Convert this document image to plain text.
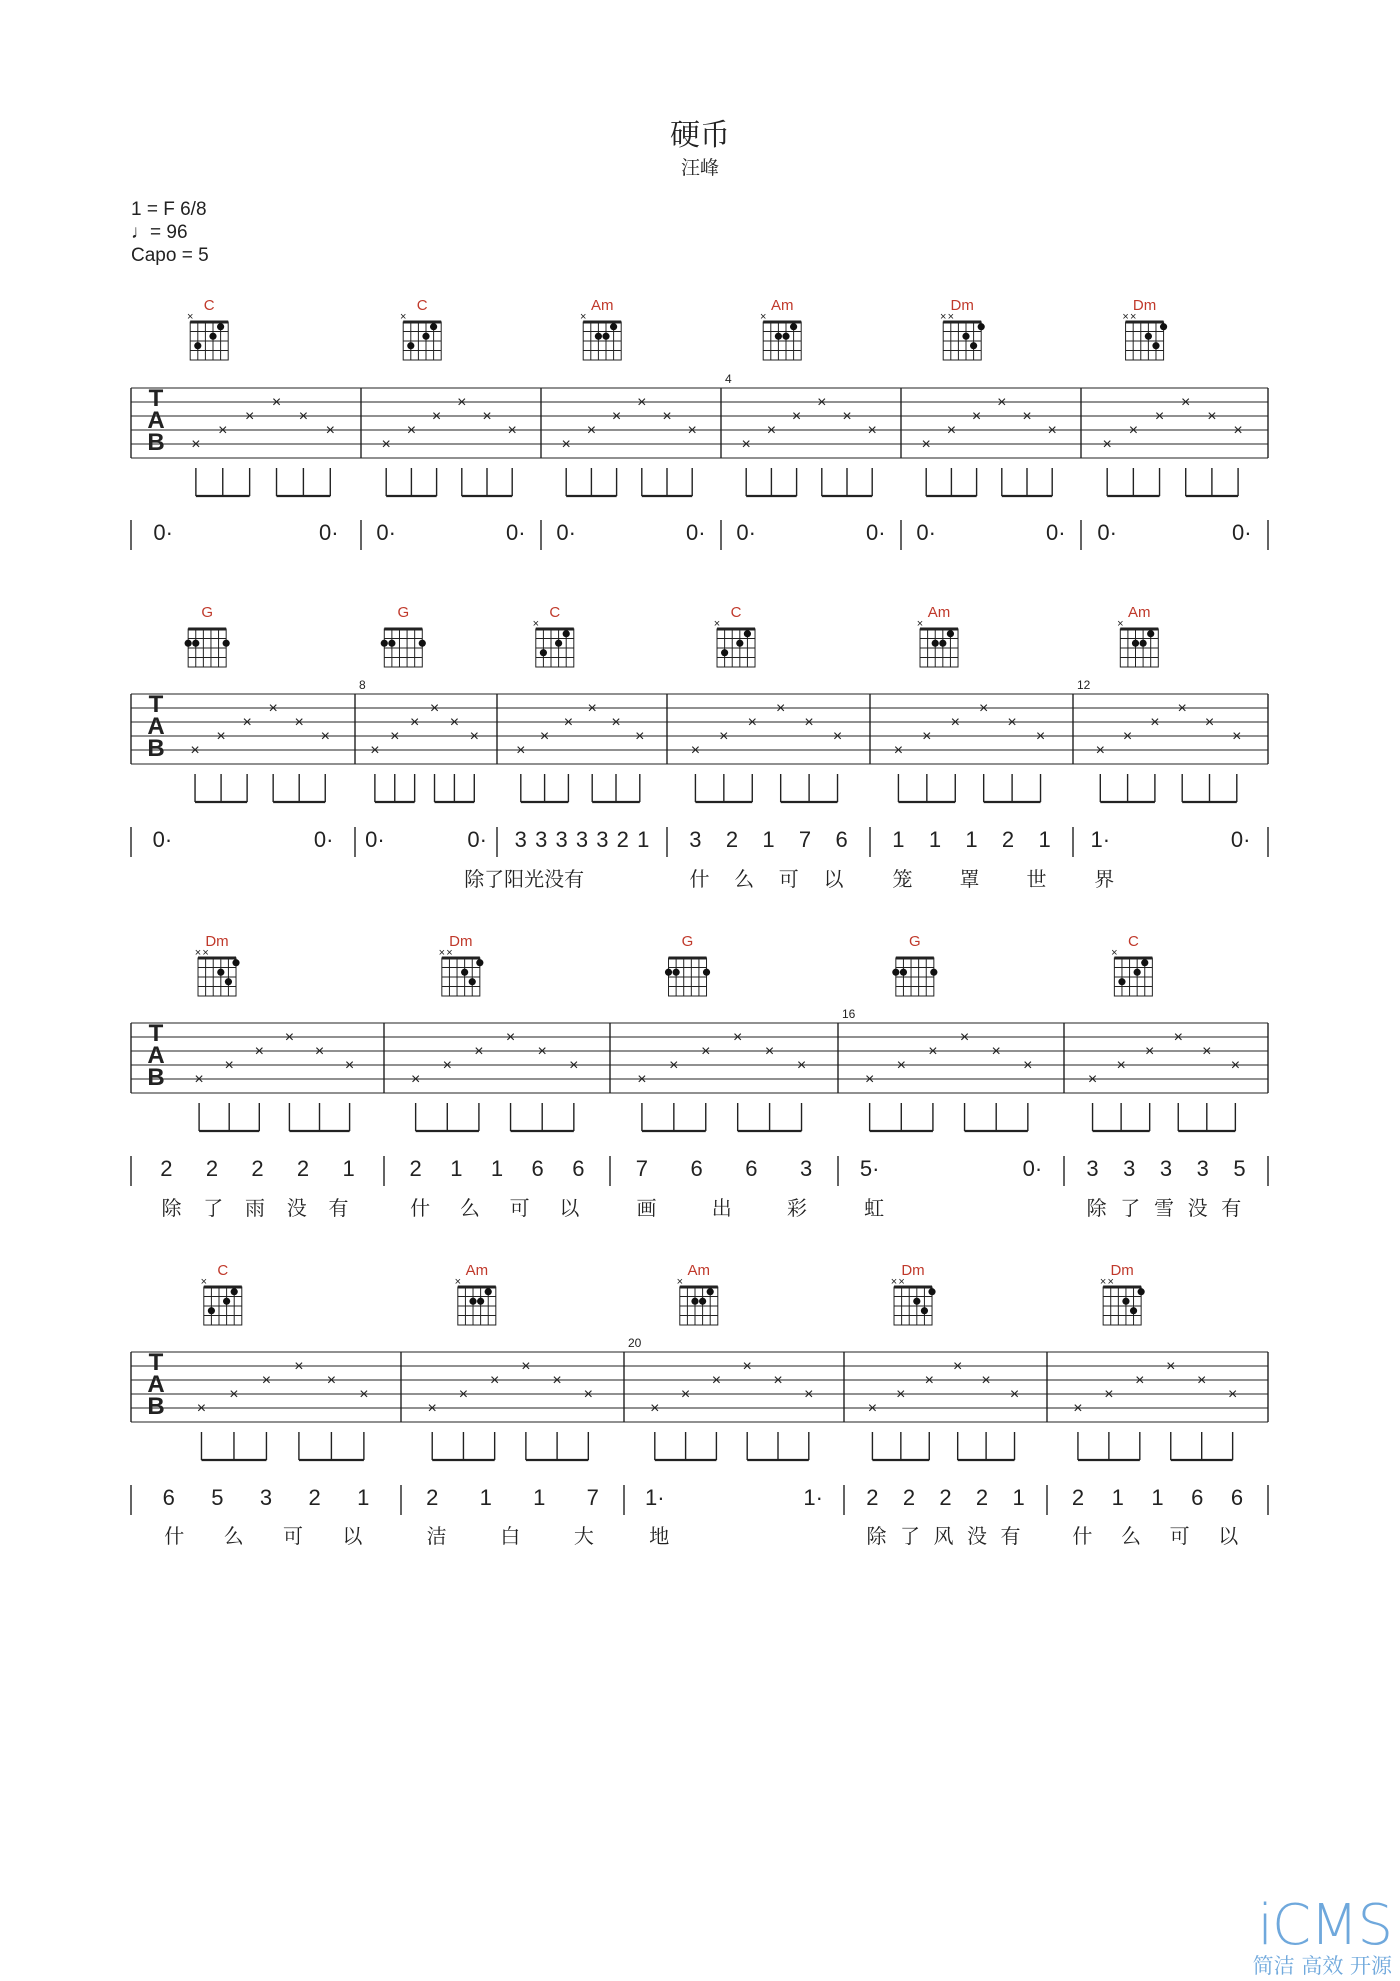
硬币
汪峰
1 = F 6/8
♩= 96
Capo = 5
T
A
B
C
×
×
×
×
×
×
×
0·	0·
C
×
×
×
×
×
×
×
0·	0·
Am
×
×
×
×
×
×
×
0·	0·
Am
×
4
×
×
×
×
×
×
0·	0·
Dm
× ×
×
×
×
×
×
×
0·	0·
Dm
× ×
×
×
×
×
×
×
0·	0·
T
A
B
G
×
×
×
×
×
×
0·	0·
G
8
×
×
×
×
×
×
0·	0·
C
×
×
×
×
×
×
×
3 3 3 3 3 2 1
除了阳光没有
C
×
×
×
×
×
×
×
3 2 1 7 6
什 么 可 以
Am
×
×
×
×
×
×
×
1 1 1 2 1
笼 罩 世
Am
×
12
×
×
×
×
×
×
1·	0·
界
T
A
B
Dm
× ×
×
×
×
×
×
×
2 2 2 2 1
除 了 雨 没 有
Dm
× ×
×
×
×
×
×
×
2 1 1 6 6
什 么 可 以
G
×
×
×
×
×
×
7 6 6 3
画	出	彩
G
16
×
×
×
×
×
×
5·	0·
虹
C
×
×
×
×
×
×
×
3 3 3 3 5
除 了 雪 没 有
T
A
B
C
×
×
×
×
×
×
×
6 5 3 2 1
什 么 可 以
Am
×
×
×
×
×
×
×
2 1 1 7
洁	白	大
Am
×
20
×
×
×
×
×
×
1·	1·
地
Dm
× ×
×
×
×
×
×
×
2 2 2 2 1
除 了 风 没 有
Dm
× ×
×
×
×
×
×
×
2 1 1 6 6
什 么 可 以
iCMS
简洁 高效 开源
